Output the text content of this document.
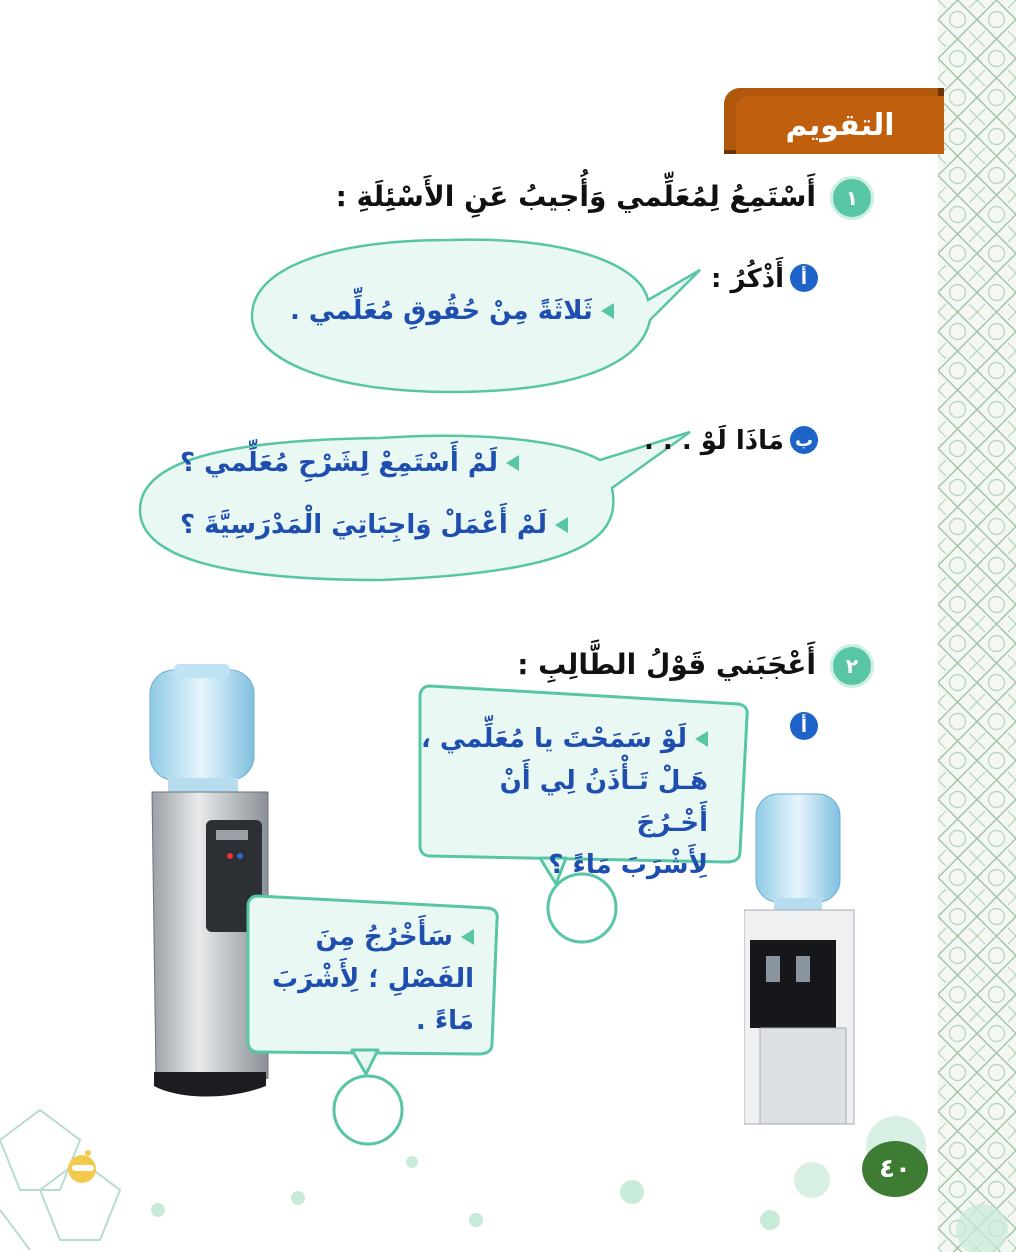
التقويم
١
أَسْتَمِعُ لِمُعَلِّمي وَأُجيبُ عَنِ الأَسْئِلَةِ :
أ
أَذْكُرُ :
ثَلاثَةً مِنْ حُقُوقِ مُعَلِّمي .
ب
مَاذَا لَوْ . . .
لَمْ أَسْتَمِعْ لِشَرْحِ مُعَلِّمي ؟
لَمْ أَعْمَلْ وَاجِبَاتِيَ الْمَدْرَسِيَّةَ ؟
٢
أَعْجَبَني قَوْلُ الطَّالِبِ :
أ
لَوْ سَمَحْتَ يا مُعَلِّمي ،
هَـلْ تَـأْذَنُ لِي أَنْ أَخْـرُجَ
لِأَشْرَبَ مَاءً ؟
سَأَخْرُجُ مِنَ
الفَصْلِ ؛ لِأَشْرَبَ
مَاءً .
٤٠
